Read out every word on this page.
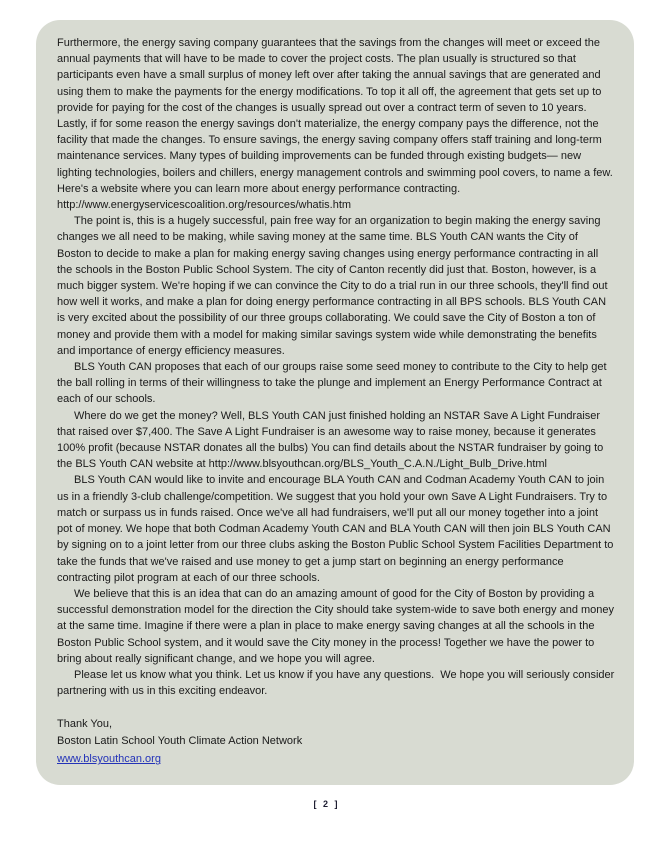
Furthermore, the energy saving company guarantees that the savings from the changes will meet or exceed the annual payments that will have to be made to cover the project costs. The plan usually is structured so that participants even have a small surplus of money left over after taking the annual savings that are generated and using them to make the payments for the energy modifications. To top it all off, the agreement that gets set up to provide for paying for the cost of the changes is usually spread out over a contract term of seven to 10 years. Lastly, if for some reason the energy savings don't materialize, the energy company pays the difference, not the facility that made the changes. To ensure savings, the energy saving company offers staff training and long-term maintenance services. Many types of building improvements can be funded through existing budgets— new lighting technologies, boilers and chillers, energy management controls and swimming pool covers, to name a few. Here's a website where you can learn more about energy performance contracting. http://www.energyservicescoalition.org/resources/whatis.htm

The point is, this is a hugely successful, pain free way for an organization to begin making the energy saving changes we all need to be making, while saving money at the same time. BLS Youth CAN wants the City of Boston to decide to make a plan for making energy saving changes using energy performance contracting in all the schools in the Boston Public School System. The city of Canton recently did just that. Boston, however, is a much bigger system. We're hoping if we can convince the City to do a trial run in our three schools, they'll find out how well it works, and make a plan for doing energy performance contracting in all BPS schools. BLS Youth CAN is very excited about the possibility of our three groups collaborating. We could save the City of Boston a ton of money and provide them with a model for making similar savings system wide while demonstrating the benefits and importance of energy efficiency measures.

BLS Youth CAN proposes that each of our groups raise some seed money to contribute to the City to help get the ball rolling in terms of their willingness to take the plunge and implement an Energy Performance Contract at each of our schools.

Where do we get the money? Well, BLS Youth CAN just finished holding an NSTAR Save A Light Fundraiser that raised over $7,400. The Save A Light Fundraiser is an awesome way to raise money, because it generates 100% profit (because NSTAR donates all the bulbs) You can find details about the NSTAR fundraiser by going to the BLS Youth CAN website at http://www.blsyouthcan.org/BLS_Youth_C.A.N./Light_Bulb_Drive.html

BLS Youth CAN would like to invite and encourage BLA Youth CAN and Codman Academy Youth CAN to join us in a friendly 3-club challenge/competition. We suggest that you hold your own Save A Light Fundraisers. Try to match or surpass us in funds raised. Once we've all had fundraisers, we'll put all our money together into a joint pot of money. We hope that both Codman Academy Youth CAN and BLA Youth CAN will then join BLS Youth CAN by signing on to a joint letter from our three clubs asking the Boston Public School System Facilities Department to take the funds that we've raised and use money to get a jump start on beginning an energy performance contracting pilot program at each of our three schools.

We believe that this is an idea that can do an amazing amount of good for the City of Boston by providing a successful demonstration model for the direction the City should take system-wide to save both energy and money at the same time. Imagine if there were a plan in place to make energy saving changes at all the schools in the Boston Public School system, and it would save the City money in the process! Together we have the power to bring about really significant change, and we hope you will agree.

Please let us know what you think. Let us know if you have any questions.  We hope you will seriously consider partnering with us in this exciting endeavor.

Thank You,

Boston Latin School Youth Climate Action Network

www.blsyouthcan.org
[ 2 ]
